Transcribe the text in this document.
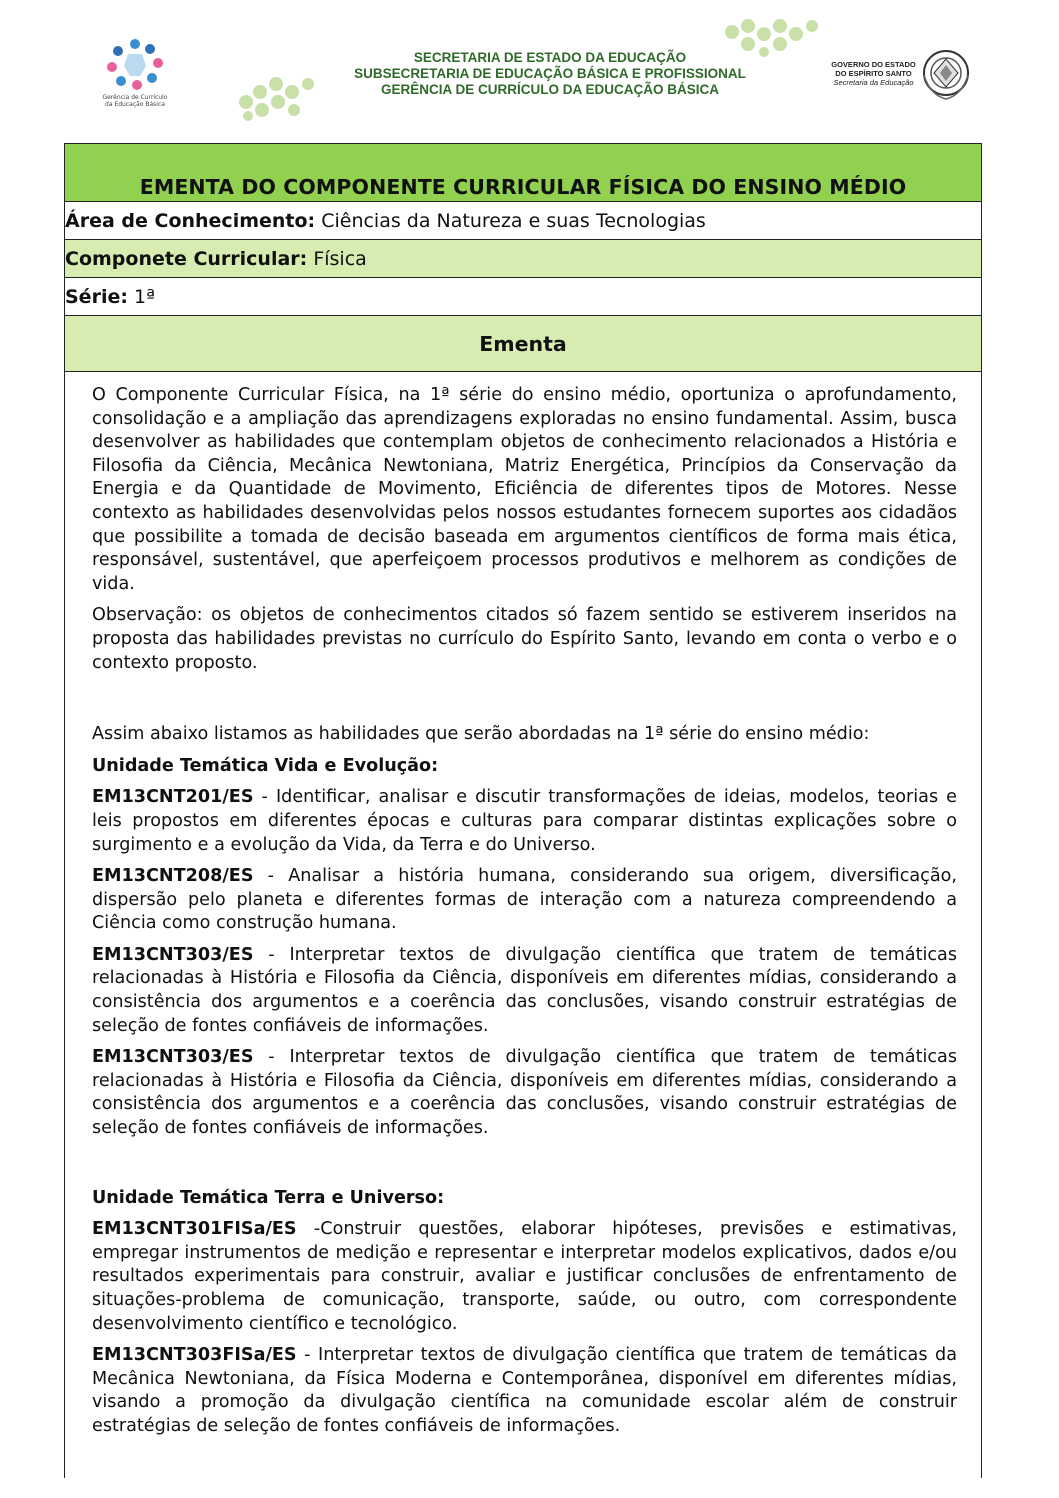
Gerência de Currículo da Educação Básica
SECRETARIA DE ESTADO DA EDUCAÇÃO
SUBSECRETARIA DE EDUCAÇÃO BÁSICA E PROFISSIONAL
GERÊNCIA DE CURRÍCULO DA EDUCAÇÃO BÁSICA
GOVERNO DO ESTADO
DO ESPÍRITO SANTO
Secretaria da Educação
EMENTA DO COMPONENTE CURRICULAR FÍSICA DO ENSINO MÉDIO
Área de Conhecimento: Ciências da Natureza e suas Tecnologias
Componete Curricular: Física
Série: 1ª
Ementa

O Componente Curricular Física, na 1ª série do ensino médio, oportuniza o aprofundamento, consolidação e a ampliação das aprendizagens exploradas no ensino fundamental. Assim, busca desenvolver as habilidades que contemplam objetos de conhecimento relacionados a História e Filosofia da Ciência, Mecânica Newtoniana, Matriz Energética, Princípios da Conservação da Energia e da Quantidade de Movimento, Eficiência de diferentes tipos de Motores. Nesse contexto as habilidades desenvolvidas pelos nossos estudantes fornecem suportes aos cidadãos que possibilite a tomada de decisão baseada em argumentos científicos de forma mais ética, responsável, sustentável, que aperfeiçoem processos produtivos e melhorem as condições de vida.

Observação: os objetos de conhecimentos citados só fazem sentido se estiverem inseridos na proposta das habilidades previstas no currículo do Espírito Santo, levando em conta o verbo e o contexto proposto.

Assim abaixo listamos as habilidades que serão abordadas na 1ª série do ensino médio:

Unidade Temática Vida e Evolução:

EM13CNT201/ES - Identificar, analisar e discutir transformações de ideias, modelos, teorias e leis propostos em diferentes épocas e culturas para comparar distintas explicações sobre o surgimento e a evolução da Vida, da Terra e do Universo.

EM13CNT208/ES - Analisar a história humana, considerando sua origem, diversificação, dispersão pelo planeta e diferentes formas de interação com a natureza compreendendo a Ciência como construção humana.

EM13CNT303/ES - Interpretar textos de divulgação científica que tratem de temáticas relacionadas à História e Filosofia da Ciência, disponíveis em diferentes mídias, considerando a consistência dos argumentos e a coerência das conclusões, visando construir estratégias de seleção de fontes confiáveis de informações.

EM13CNT303/ES - Interpretar textos de divulgação científica que tratem de temáticas relacionadas à História e Filosofia da Ciência, disponíveis em diferentes mídias, considerando a consistência dos argumentos e a coerência das conclusões, visando construir estratégias de seleção de fontes confiáveis de informações.

Unidade Temática Terra e Universo:

EM13CNT301FISa/ES -Construir questões, elaborar hipóteses, previsões e estimativas, empregar instrumentos de medição e representar e interpretar modelos explicativos, dados e/ou resultados experimentais para construir, avaliar e justificar conclusões de enfrentamento de situações-problema de comunicação, transporte, saúde, ou outro, com correspondente desenvolvimento científico e tecnológico.

EM13CNT303FISa/ES - Interpretar textos de divulgação científica que tratem de temáticas da Mecânica Newtoniana, da Física Moderna e Contemporânea, disponível em diferentes mídias, visando a promoção da divulgação científica na comunidade escolar além de construir estratégias de seleção de fontes confiáveis de informações.
